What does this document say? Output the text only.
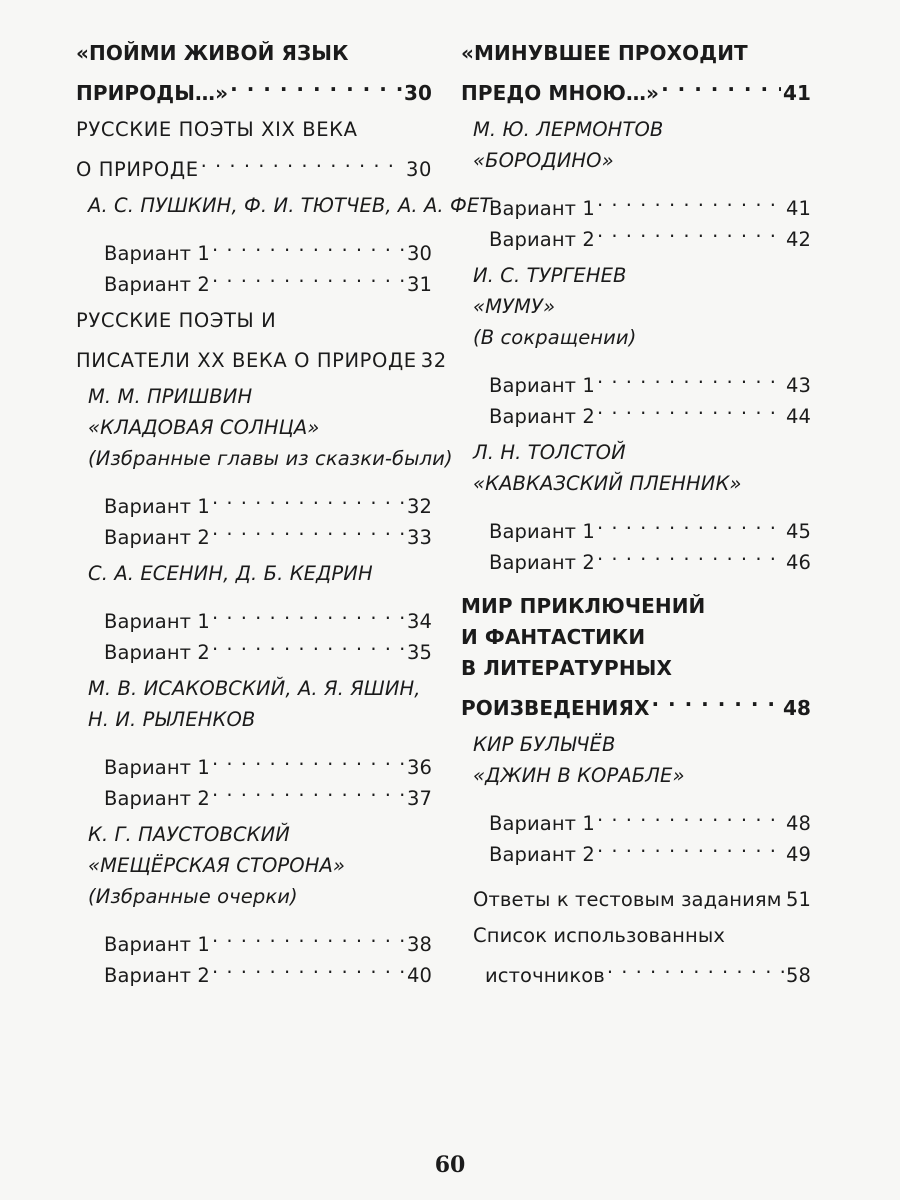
«ПОЙМИ ЖИВОЙ ЯЗЫК
ПРИРОДЫ…» . . .	30
РУССКИЕ ПОЭТЫ XIX ВЕКА
О ПРИРОДЕ . . .	30
А. С. ПУШКИН, Ф. И. ТЮТЧЕВ, А. А. ФЕТ
Вариант 1 . . .	30
Вариант 2 . . .	31
РУССКИЕ ПОЭТЫ И
ПИСАТЕЛИ XX ВЕКА О ПРИРОДЕ 32
М. М. ПРИШВИН
«КЛАДОВАЯ СОЛНЦА»
(Избранные главы из сказки-были)
Вариант 1 . . .	32
Вариант 2 . . .	33
С. А. ЕСЕНИН, Д. Б. КЕДРИН
Вариант 1 . . .	34
Вариант 2 . . .	35
М. В. ИСАКОВСКИЙ, А. Я. ЯШИН,
Н. И. РЫЛЕНКОВ
Вариант 1 . . .	36
Вариант 2 . . .	37
К. Г. ПАУСТОВСКИЙ
«МЕЩЁРСКАЯ СТОРОНА»
(Избранные очерки)
Вариант 1 . . .	38
Вариант 2 . . .	40
«МИНУВШЕЕ ПРОХОДИТ
ПРЕДО МНОЮ…» . . .	41
М. Ю. ЛЕРМОНТОВ
«БОРОДИНО»
Вариант 1 . . .	41
Вариант 2 . . .	42
И. С. ТУРГЕНЕВ
«МУМУ»
(В сокращении)
Вариант 1 . . .	43
Вариант 2 . . .	44
Л. Н. ТОЛСТОЙ
«КАВКАЗСКИЙ ПЛЕННИК»
Вариант 1 . . .	45
Вариант 2 . . .	46
МИР ПРИКЛЮЧЕНИЙ
И ФАНТАСТИКИ
В ЛИТЕРАТУРНЫХ
РОИЗВЕДЕНИЯХ . . .	48
КИР БУЛЫЧЁВ
«ДЖИН В КОРАБЛЕ»
Вариант 1 . . .	48
Вариант 2 . . .	49
Ответы к тестовым заданиям . . . 51
Список использованных
источников . . .	58
60
